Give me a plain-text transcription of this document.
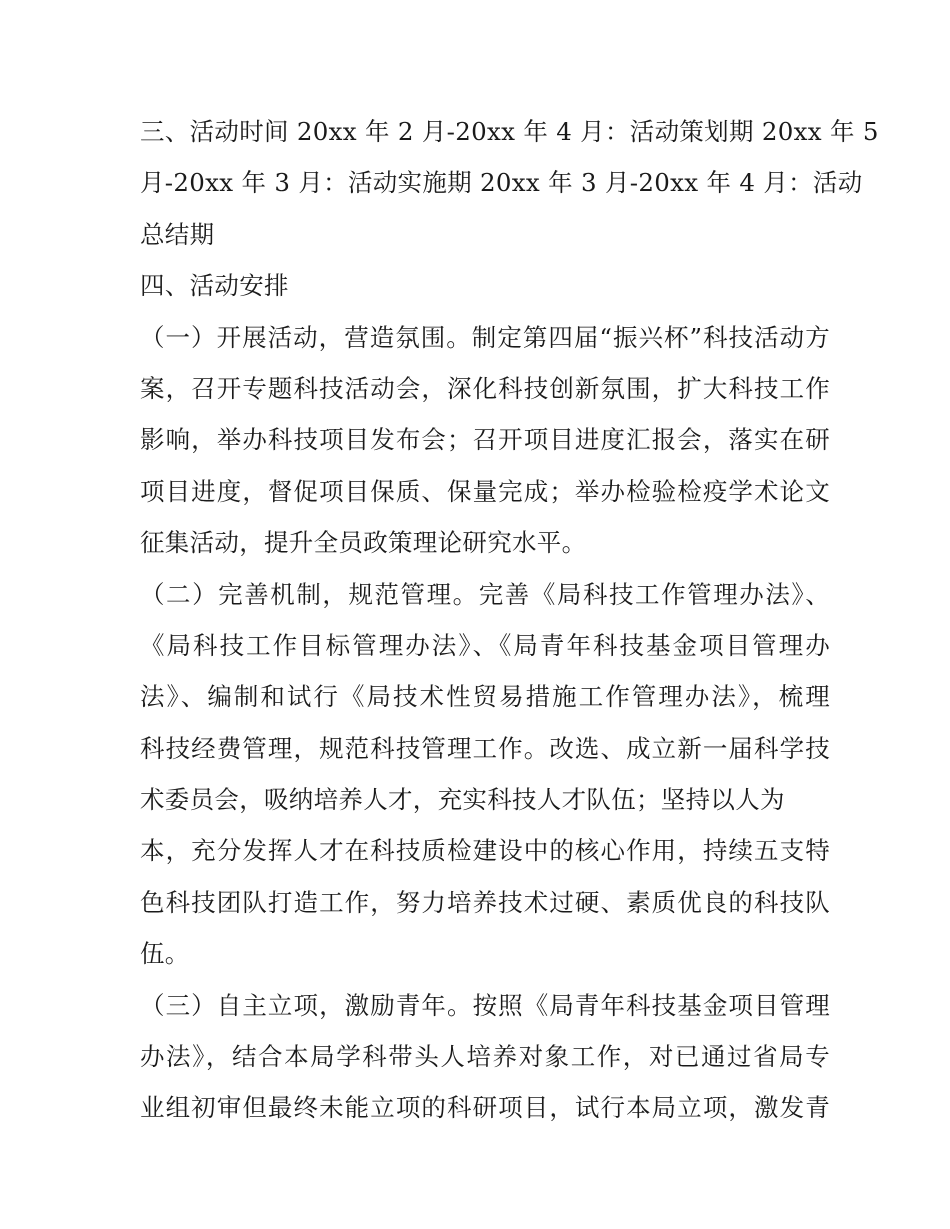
三、活动时间 20xx 年 2 月-20xx 年 4 月：活动策划期 20xx 年 5
月-20xx 年 3 月：活动实施期 20xx 年 3 月-20xx 年 4 月：活动
总结期
四、活动安排
（一）开展活动，营造氛围。制定第四届“振兴杯”科技活动方
案，召开专题科技活动会，深化科技创新氛围，扩大科技工作
影响，举办科技项目发布会；召开项目进度汇报会，落实在研
项目进度，督促项目保质、保量完成；举办检验检疫学术论文
征集活动，提升全员政策理论研究水平。
（二）完善机制，规范管理。完善《局科技工作管理办法》、
《局科技工作目标管理办法》、《局青年科技基金项目管理办
法》、编制和试行《局技术性贸易措施工作管理办法》，梳理
科技经费管理，规范科技管理工作。改选、成立新一届科学技
术委员会，吸纳培养人才，充实科技人才队伍；坚持以人为
本，充分发挥人才在科技质检建设中的核心作用，持续五支特
色科技团队打造工作，努力培养技术过硬、素质优良的科技队
伍。
（三）自主立项，激励青年。按照《局青年科技基金项目管理
办法》，结合本局学科带头人培养对象工作，对已通过省局专
业组初审但最终未能立项的科研项目，试行本局立项，激发青
